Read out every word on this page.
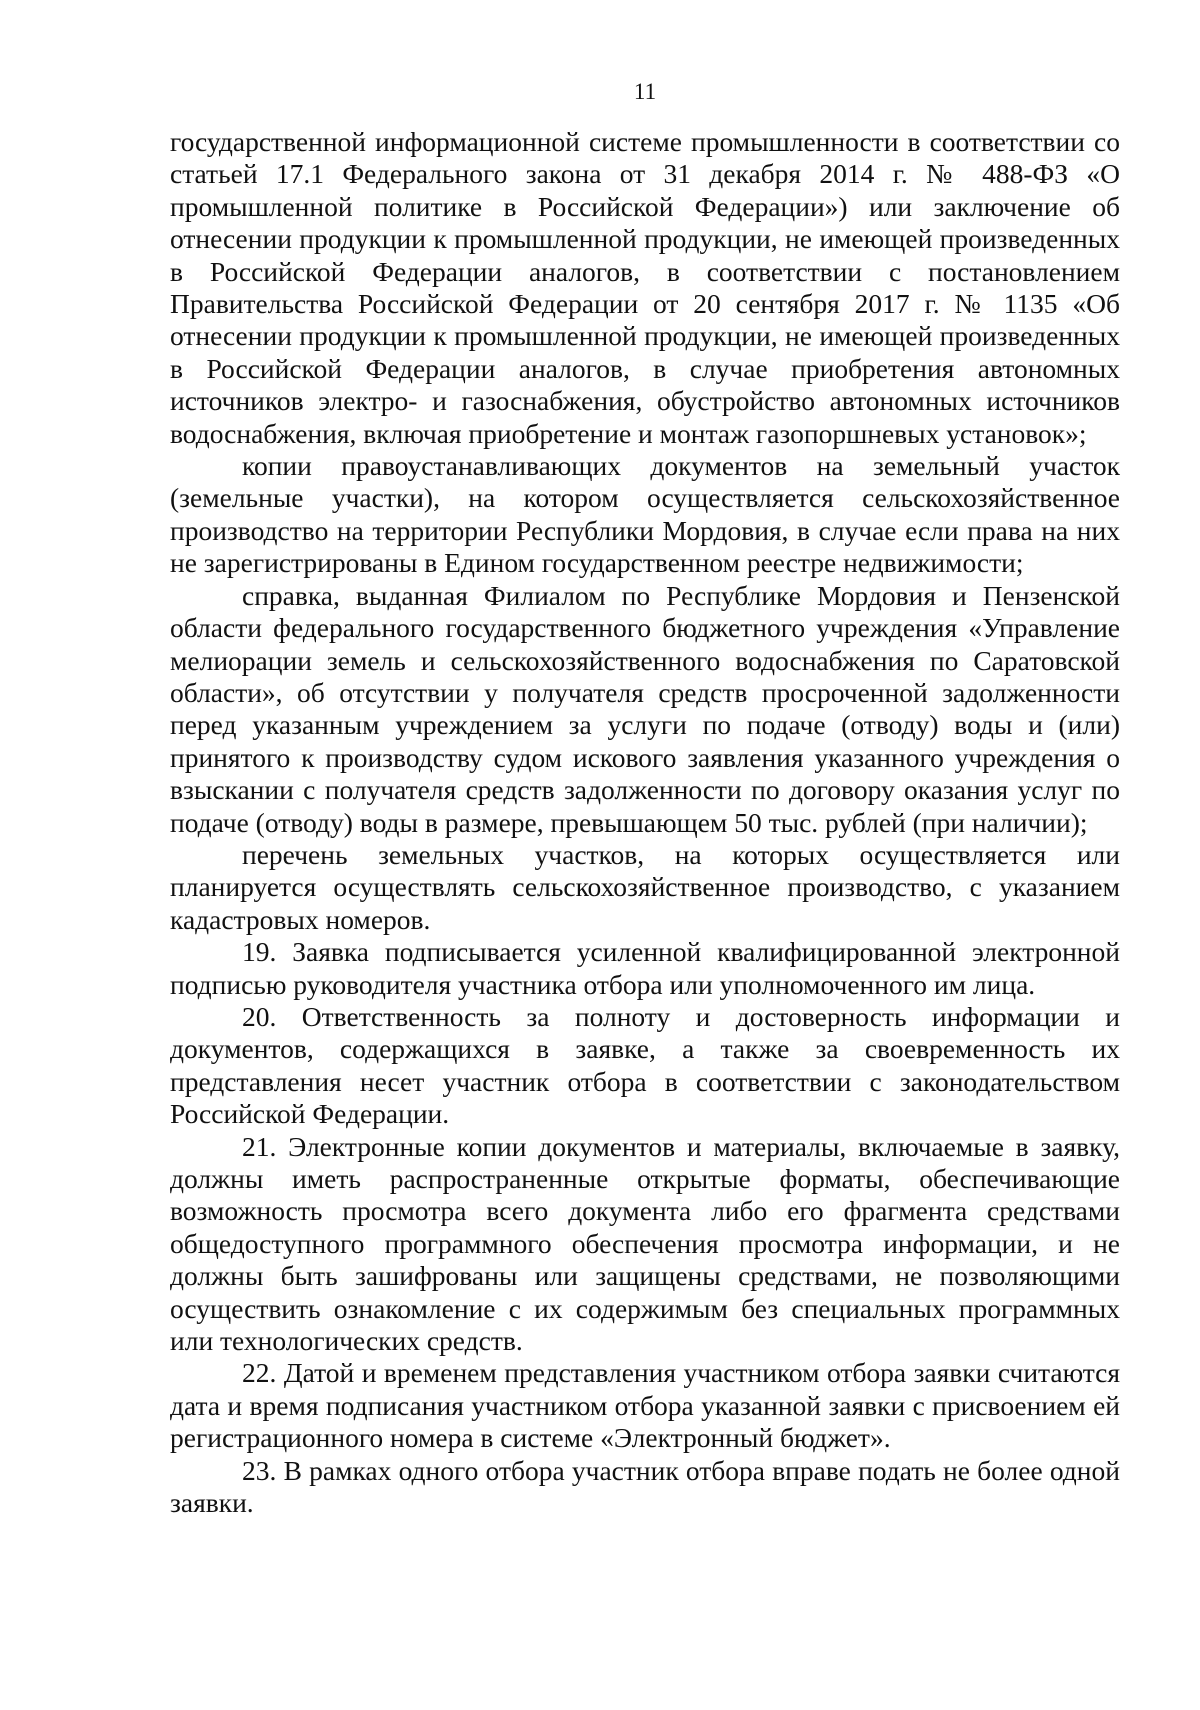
11

государственной информационной системе промышленности в соответствии со статьей 17.1 Федерального закона от 31 декабря 2014 г. № 488-ФЗ «О промышленной политике в Российской Федерации») или заключение об отнесении продукции к промышленной продукции, не имеющей произведенных в Российской Федерации аналогов, в соответствии с постановлением Правительства Российской Федерации от 20 сентября 2017 г. № 1135 «Об отнесении продукции к промышленной продукции, не имеющей произведенных в Российской Федерации аналогов, в случае приобретения автономных источников электро- и газоснабжения, обустройство автономных источников водоснабжения, включая приобретение и монтаж газопоршневых установок»;

копии правоустанавливающих документов на земельный участок (земельные участки), на котором осуществляется сельскохозяйственное производство на территории Республики Мордовия, в случае если права на них не зарегистрированы в Едином государственном реестре недвижимости;

справка, выданная Филиалом по Республике Мордовия и Пензенской области федерального государственного бюджетного учреждения «Управление мелиорации земель и сельскохозяйственного водоснабжения по Саратовской области», об отсутствии у получателя средств просроченной задолженности перед указанным учреждением за услуги по подаче (отводу) воды и (или) принятого к производству судом искового заявления указанного учреждения о взыскании с получателя средств задолженности по договору оказания услуг по подаче (отводу) воды в размере, превышающем 50 тыс. рублей (при наличии);

перечень земельных участков, на которых осуществляется или планируется осуществлять сельскохозяйственное производство, с указанием кадастровых номеров.

19. Заявка подписывается усиленной квалифицированной электронной подписью руководителя участника отбора или уполномоченного им лица.

20. Ответственность за полноту и достоверность информации и документов, содержащихся в заявке, а также за своевременность их представления несет участник отбора в соответствии с законодательством Российской Федерации.

21. Электронные копии документов и материалы, включаемые в заявку, должны иметь распространенные открытые форматы, обеспечивающие возможность просмотра всего документа либо его фрагмента средствами общедоступного программного обеспечения просмотра информации, и не должны быть зашифрованы или защищены средствами, не позволяющими осуществить ознакомление с их содержимым без специальных программных или технологических средств.

22. Датой и временем представления участником отбора заявки считаются дата и время подписания участником отбора указанной заявки с присвоением ей регистрационного номера в системе «Электронный бюджет».

23. В рамках одного отбора участник отбора вправе подать не более одной заявки.
